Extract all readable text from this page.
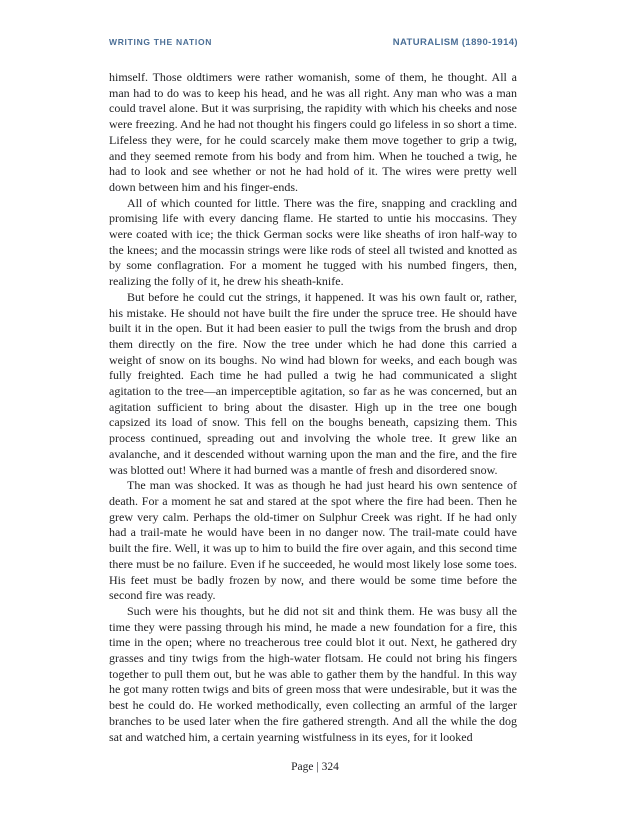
WRITING THE NATION	NATURALISM (1890-1914)

himself. Those oldtimers were rather womanish, some of them, he thought. All a man had to do was to keep his head, and he was all right. Any man who was a man could travel alone. But it was surprising, the rapidity with which his cheeks and nose were freezing. And he had not thought his fingers could go lifeless in so short a time. Lifeless they were, for he could scarcely make them move together to grip a twig, and they seemed remote from his body and from him. When he touched a twig, he had to look and see whether or not he had hold of it. The wires were pretty well down between him and his finger-ends.

All of which counted for little. There was the fire, snapping and crackling and promising life with every dancing flame. He started to untie his moccasins. They were coated with ice; the thick German socks were like sheaths of iron half-way to the knees; and the mocassin strings were like rods of steel all twisted and knotted as by some conflagration. For a moment he tugged with his numbed fingers, then, realizing the folly of it, he drew his sheath-knife.

But before he could cut the strings, it happened. It was his own fault or, rather, his mistake. He should not have built the fire under the spruce tree. He should have built it in the open. But it had been easier to pull the twigs from the brush and drop them directly on the fire. Now the tree under which he had done this carried a weight of snow on its boughs. No wind had blown for weeks, and each bough was fully freighted. Each time he had pulled a twig he had communicated a slight agitation to the tree—an imperceptible agitation, so far as he was concerned, but an agitation sufficient to bring about the disaster. High up in the tree one bough capsized its load of snow. This fell on the boughs beneath, capsizing them. This process continued, spreading out and involving the whole tree. It grew like an avalanche, and it descended without warning upon the man and the fire, and the fire was blotted out! Where it had burned was a mantle of fresh and disordered snow.

The man was shocked. It was as though he had just heard his own sentence of death. For a moment he sat and stared at the spot where the fire had been. Then he grew very calm. Perhaps the old-timer on Sulphur Creek was right. If he had only had a trail-mate he would have been in no danger now. The trail-mate could have built the fire. Well, it was up to him to build the fire over again, and this second time there must be no failure. Even if he succeeded, he would most likely lose some toes. His feet must be badly frozen by now, and there would be some time before the second fire was ready.

Such were his thoughts, but he did not sit and think them. He was busy all the time they were passing through his mind, he made a new foundation for a fire, this time in the open; where no treacherous tree could blot it out. Next, he gathered dry grasses and tiny twigs from the high-water flotsam. He could not bring his fingers together to pull them out, but he was able to gather them by the handful. In this way he got many rotten twigs and bits of green moss that were undesirable, but it was the best he could do. He worked methodically, even collecting an armful of the larger branches to be used later when the fire gathered strength. And all the while the dog sat and watched him, a certain yearning wistfulness in its eyes, for it looked

Page | 324
